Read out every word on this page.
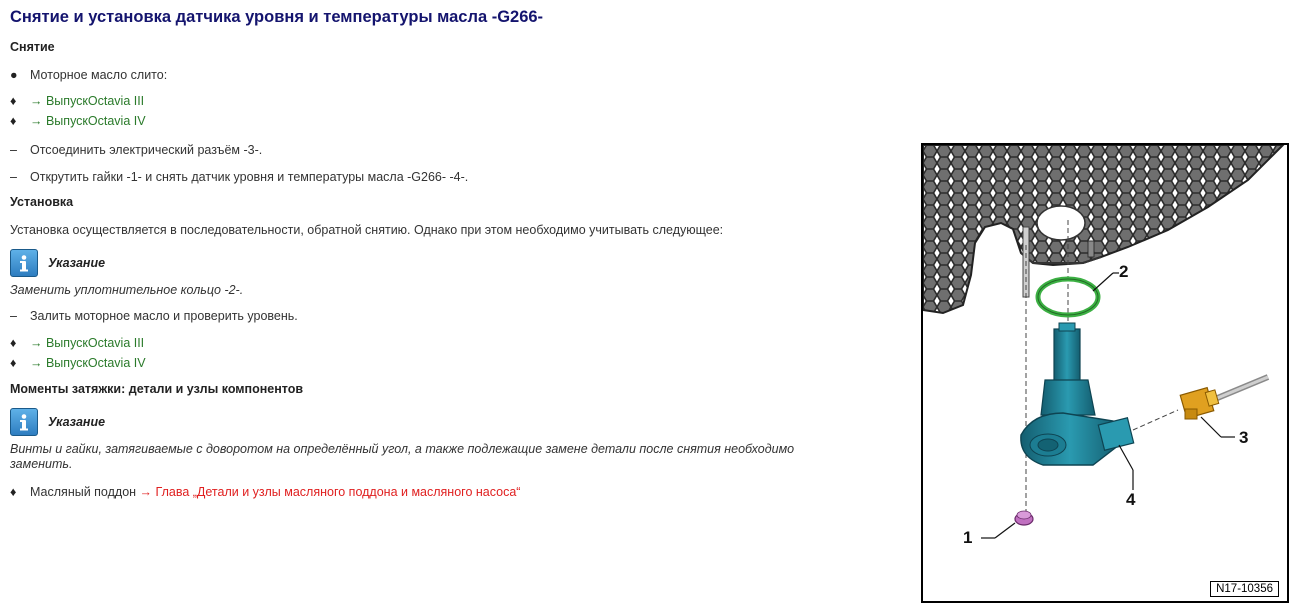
Снятие и установка датчика уровня и температуры масла -G266-
Снятие
● Моторное масло слито:
♦ → ВыпускOctavia III
♦ → ВыпускOctavia IV
– Отсоединить электрический разъём -3-.
– Открутить гайки -1- и снять датчик уровня и температуры масла -G266- -4-.
Установка
Установка осуществляется в последовательности, обратной снятию. Однако при этом необходимо учитывать следующее:
Указание
Заменить уплотнительное кольцо -2-.
– Залить моторное масло и проверить уровень.
♦ → ВыпускOctavia III
♦ → ВыпускOctavia IV
Моменты затяжки: детали и узлы компонентов
Указание
Винты и гайки, затягиваемые с доворотом на определённый угол, а также подлежащие замене детали после снятия необходимо
заменить.
♦ Масляный поддон → Глава „Детали и узлы масляного поддона и масляного насоса“
2
3
4
1
N17-10356
